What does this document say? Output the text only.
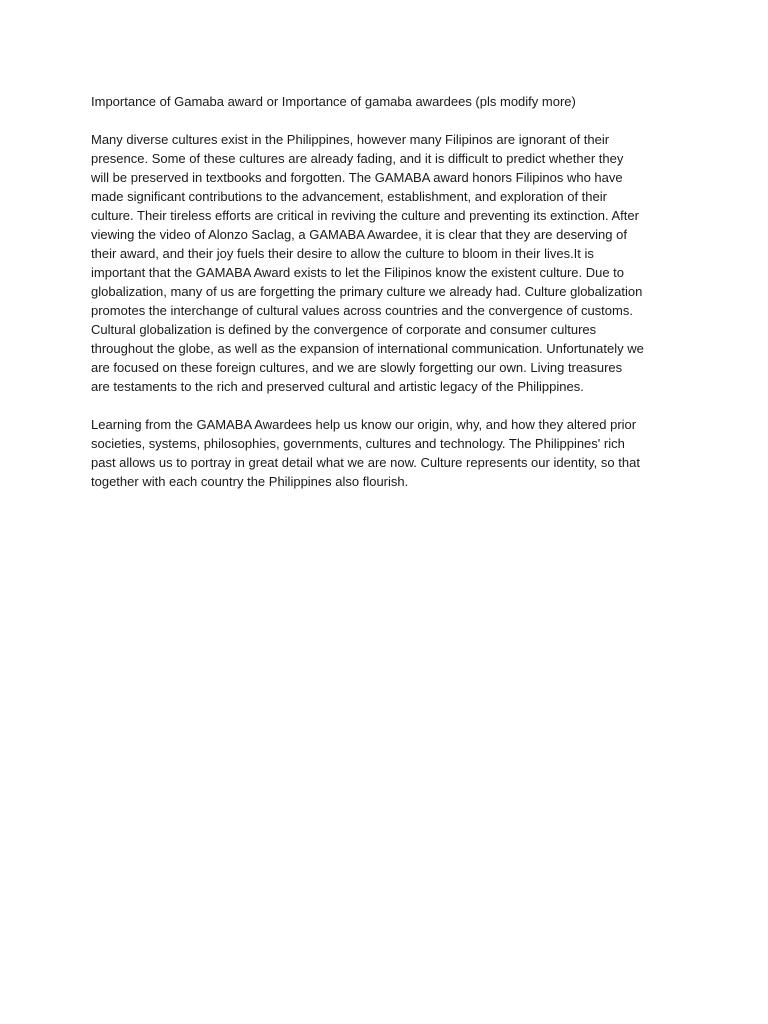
Importance of Gamaba award or Importance of gamaba awardees (pls modify more)
Many diverse cultures exist in the Philippines, however many Filipinos are ignorant of their
presence. Some of these cultures are already fading, and it is difficult to predict whether they
will be preserved in textbooks and forgotten. The GAMABA award honors Filipinos who have
made significant contributions to the advancement, establishment, and exploration of their
culture. Their tireless efforts are critical in reviving the culture and preventing its extinction. After
viewing the video of Alonzo Saclag, a GAMABA Awardee, it is clear that they are deserving of
their award, and their joy fuels their desire to allow the culture to bloom in their lives.It is
important that the GAMABA Award exists to let the Filipinos know the existent culture. Due to
globalization, many of us are forgetting the primary culture we already had. Culture globalization
promotes the interchange of cultural values across countries and the convergence of customs.
Cultural globalization is defined by the convergence of corporate and consumer cultures
throughout the globe, as well as the expansion of international communication. Unfortunately we
are focused on these foreign cultures, and we are slowly forgetting our own. Living treasures
are testaments to the rich and preserved cultural and artistic legacy of the Philippines.
Learning from the GAMABA Awardees help us know our origin, why, and how they altered prior
societies, systems, philosophies, governments, cultures and technology. The Philippines' rich
past allows us to portray in great detail what we are now. Culture represents our identity, so that
together with each country the Philippines also flourish.
